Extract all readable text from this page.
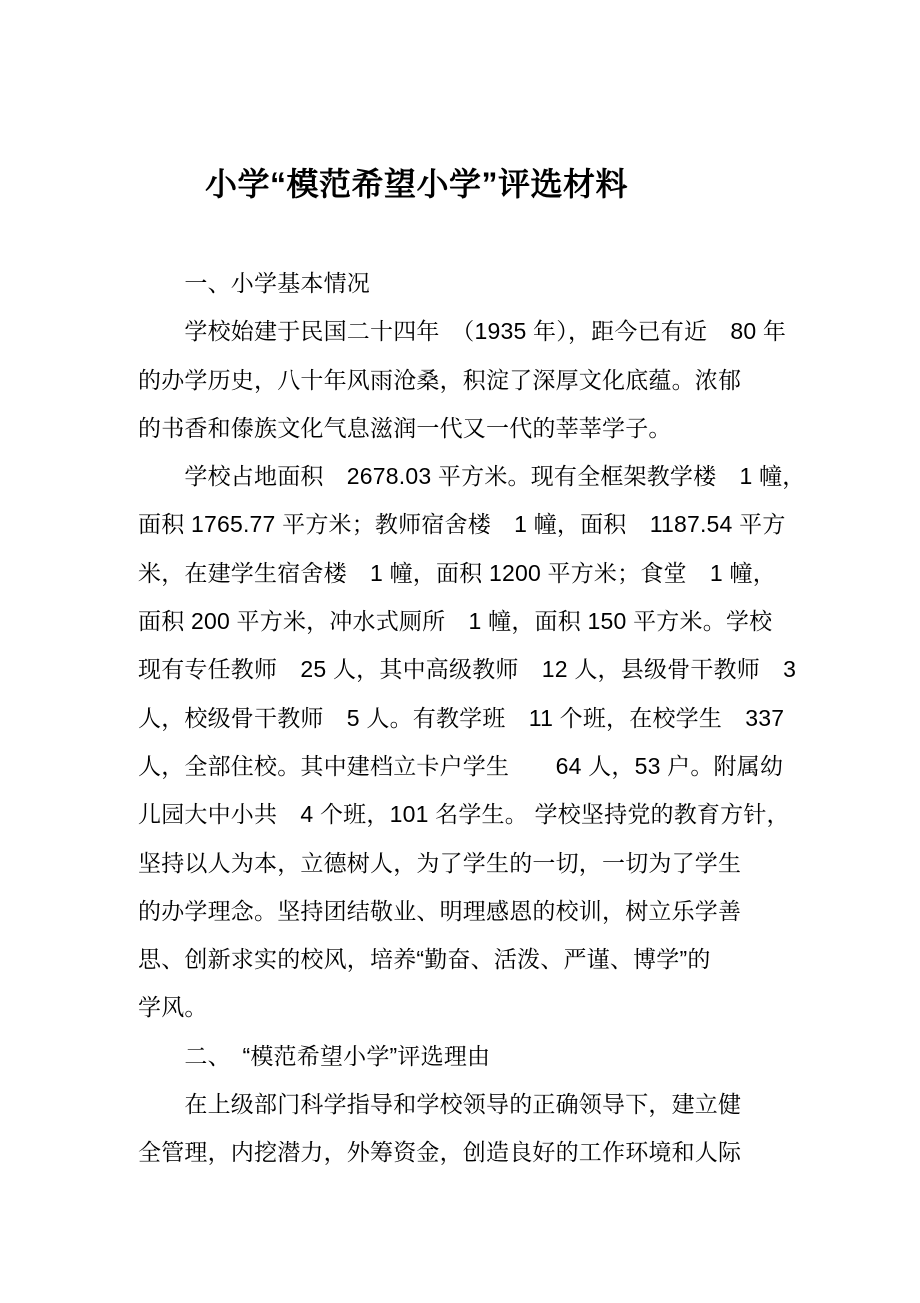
小学“模范希望小学”评选材料
　　一、小学基本情况
　　学校始建于民国二十四年　（1935 年），距今已有近　80 年
的办学历史，八十年风雨沧桑，积淀了深厚文化底蕴。浓郁
的书香和傣族文化气息滋润一代又一代的莘莘学子。
　　学校占地面积　2678.03 平方米。现有全框架教学楼　1 幢，
面积 1765.77 平方米；教师宿舍楼　1 幢，面积　1187.54 平方
米，在建学生宿舍楼　1 幢，面积 1200 平方米；食堂　1 幢，
面积 200 平方米，冲水式厕所　1 幢，面积 150 平方米。学校
现有专任教师　25 人，其中高级教师　12 人，县级骨干教师　3
人，校级骨干教师　5 人。有教学班　11 个班，在校学生　337
人，全部住校。其中建档立卡户学生　　64 人，53 户。附属幼
儿园大中小共　4 个班，101 名学生。 学校坚持党的教育方针，
坚持以人为本，立德树人，为了学生的一切，一切为了学生
的办学理念。坚持团结敬业、明理感恩的校训，树立乐学善
思、创新求实的校风，培养“勤奋、活泼、严谨、博学”的
学风。
　　二、　“模范希望小学”评选理由
　　在上级部门科学指导和学校领导的正确领导下，建立健
全管理，内挖潜力，外筹资金，创造良好的工作环境和人际
